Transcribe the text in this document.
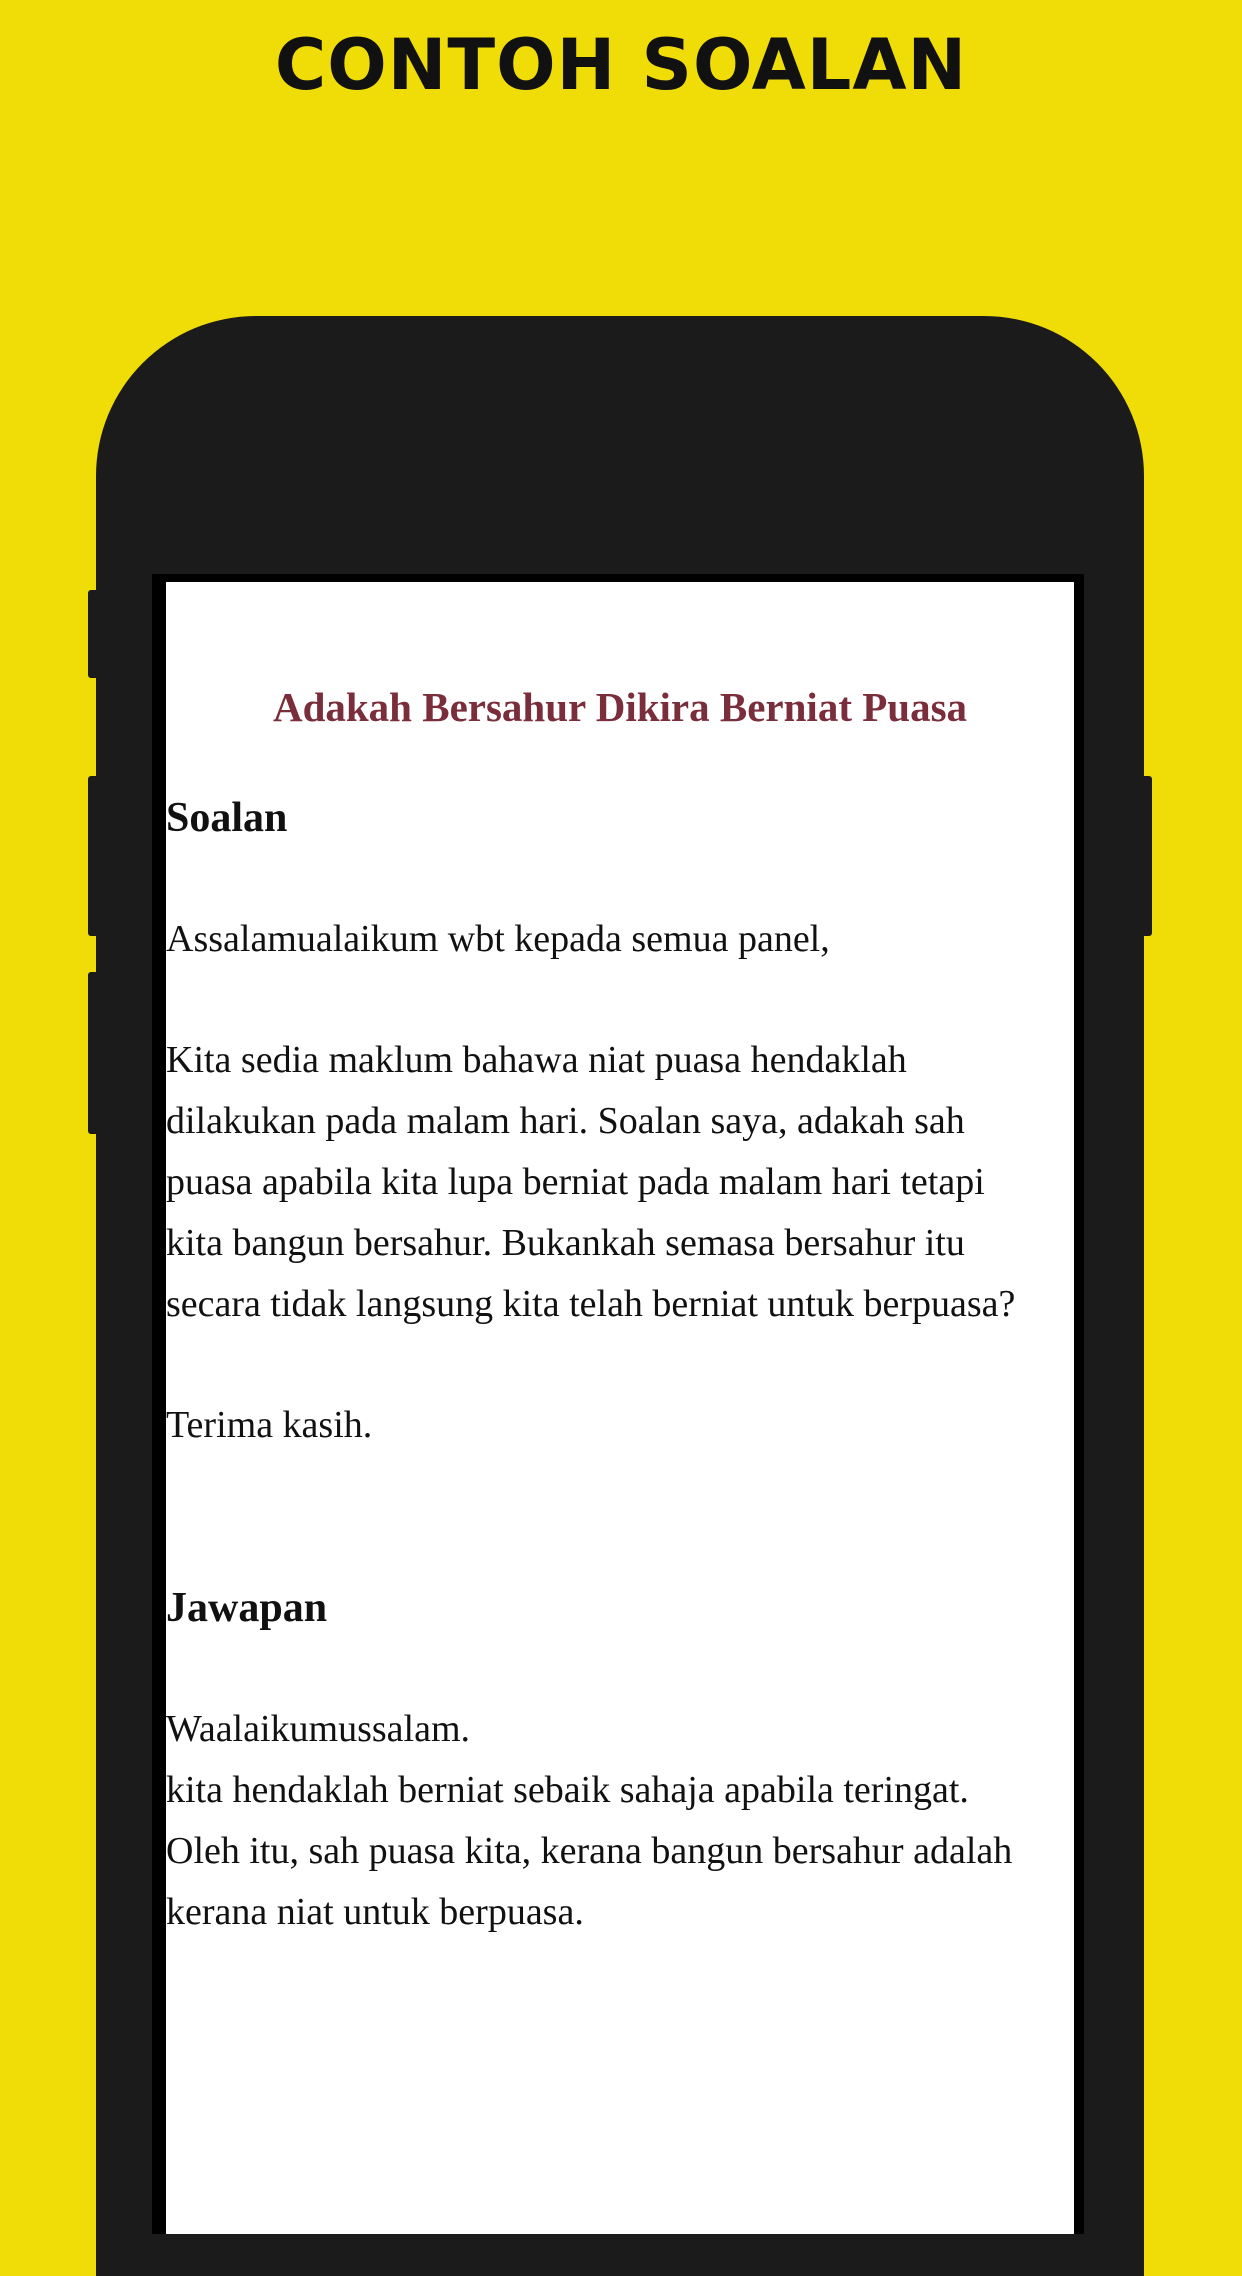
CONTOH SOALAN
Adakah Bersahur Dikira Berniat Puasa

Soalan

Assalamualaikum wbt kepada semua panel,

Kita sedia maklum bahawa niat puasa hendaklah
dilakukan pada malam hari. Soalan saya, adakah sah
puasa apabila kita lupa berniat pada malam hari tetapi
kita bangun bersahur. Bukankah semasa bersahur itu
secara tidak langsung kita telah berniat untuk berpuasa?

Terima kasih.

Jawapan

Waalaikumussalam.
kita hendaklah berniat sebaik sahaja apabila teringat.
Oleh itu, sah puasa kita, kerana bangun bersahur adalah
kerana niat untuk berpuasa.
